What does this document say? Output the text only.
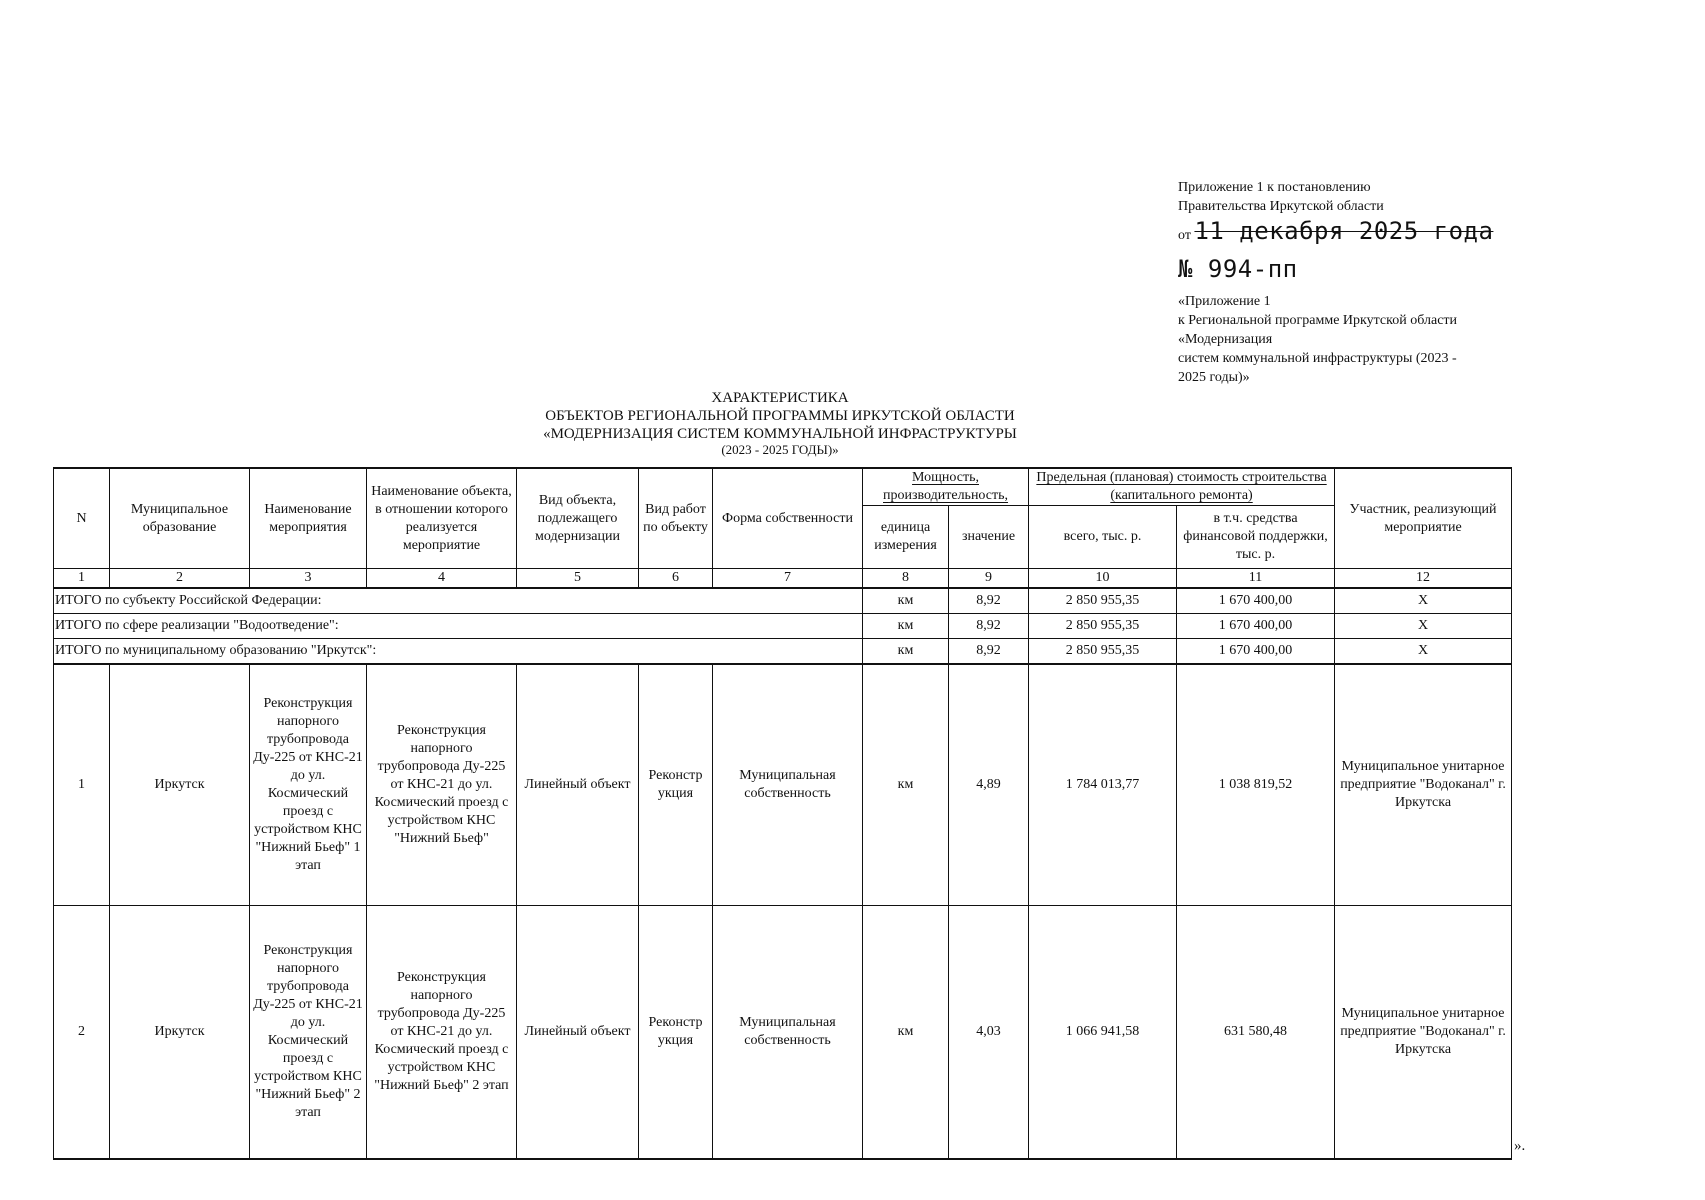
Приложение 1 к постановлению
Правительства Иркутской области
от 11 декабря 2025 года
№ 994-пп
«Приложение 1
к Региональной программе Иркутской области
«Модернизация
систем коммунальной инфраструктуры (2023 -
2025 годы)»
ХАРАКТЕРИСТИКА
ОБЪЕКТОВ РЕГИОНАЛЬНОЙ ПРОГРАММЫ ИРКУТСКОЙ ОБЛАСТИ
«МОДЕРНИЗАЦИЯ СИСТЕМ КОММУНАЛЬНОЙ ИНФРАСТРУКТУРЫ
(2023 - 2025 ГОДЫ)»
N	Муниципальное образование	Наименование мероприятия	Наименование объекта, в отношении которого реализуется мероприятие	Вид объекта, подлежащего модернизации	Вид работ по объекту	Форма собственности	Мощность, производительность,		Предельная (плановая) стоимость строительства (капитального ремонта)		Участник, реализующий мероприятие
							единица измерения	значение	всего, тыс. р.	в т.ч. средства финансовой поддержки, тыс. р.	
1	2	3	4	5	6	7	8	9	10	11	12
ИТОГО по субъекту Российской Федерации:							км	8,92	2 850 955,35	1 670 400,00	Х
ИТОГО по сфере реализации "Водоотведение":							км	8,92	2 850 955,35	1 670 400,00	Х
ИТОГО по муниципальному образованию "Иркутск":							км	8,92	2 850 955,35	1 670 400,00	Х
1	Иркутск	Реконструкция напорного трубопровода Ду-225 от КНС-21 до ул. Космический проезд с устройством КНС "Нижний Бьеф" 1 этап	Реконструкция напорного трубопровода Ду-225 от КНС-21 до ул. Космический проезд с устройством КНС "Нижний Бьеф"	Линейный объект	Реконстр укция	Муниципальная собственность	км	4,89	1 784 013,77	1 038 819,52	Муниципальное унитарное предприятие "Водоканал" г. Иркутска
2	Иркутск	Реконструкция напорного трубопровода Ду-225 от КНС-21 до ул. Космический проезд с устройством КНС "Нижний Бьеф" 2 этап	Реконструкция напорного трубопровода Ду-225 от КНС-21 до ул. Космический проезд с устройством КНС "Нижний Бьеф" 2 этап	Линейный объект	Реконстр укция	Муниципальная собственность	км	4,03	1 066 941,58	631 580,48	Муниципальное унитарное предприятие "Водоканал" г. Иркутска
».
